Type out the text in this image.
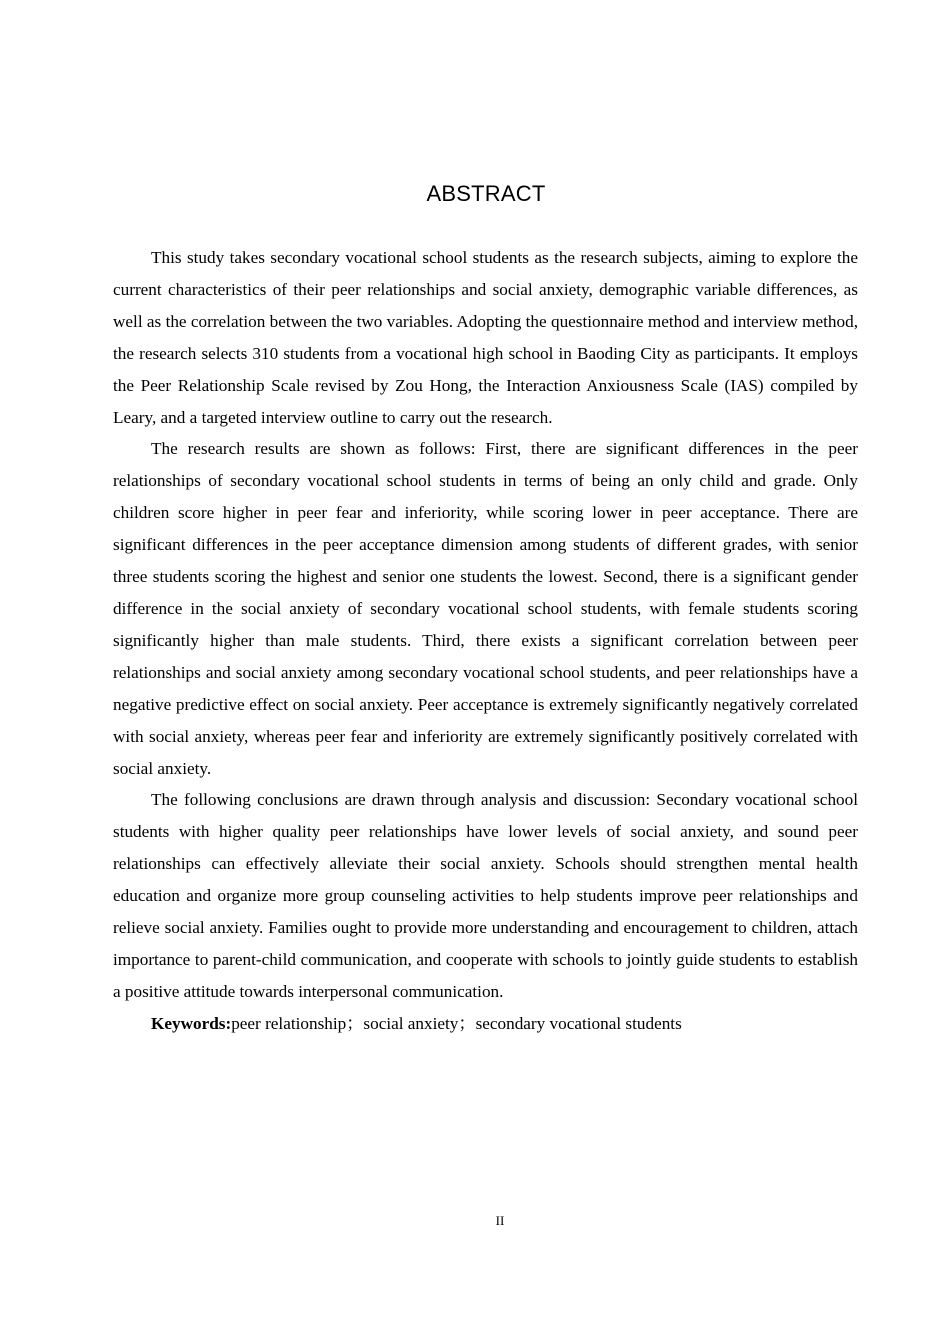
ABSTRACT

This study takes secondary vocational school students as the research subjects, aiming to explore the current characteristics of their peer relationships and social anxiety, demographic variable differences, as well as the correlation between the two variables. Adopting the questionnaire method and interview method, the research selects 310 students from a vocational high school in Baoding City as participants. It employs the Peer Relationship Scale revised by Zou Hong, the Interaction Anxiousness Scale (IAS) compiled by Leary, and a targeted interview outline to carry out the research.

The research results are shown as follows: First, there are significant differences in the peer relationships of secondary vocational school students in terms of being an only child and grade. Only children score higher in peer fear and inferiority, while scoring lower in peer acceptance. There are significant differences in the peer acceptance dimension among students of different grades, with senior three students scoring the highest and senior one students the lowest. Second, there is a significant gender difference in the social anxiety of secondary vocational school students, with female students scoring significantly higher than male students. Third, there exists a significant correlation between peer relationships and social anxiety among secondary vocational school students, and peer relationships have a negative predictive effect on social anxiety. Peer acceptance is extremely significantly negatively correlated with social anxiety, whereas peer fear and inferiority are extremely significantly positively correlated with social anxiety.

The following conclusions are drawn through analysis and discussion: Secondary vocational school students with higher quality peer relationships have lower levels of social anxiety, and sound peer relationships can effectively alleviate their social anxiety. Schools should strengthen mental health education and organize more group counseling activities to help students improve peer relationships and relieve social anxiety. Families ought to provide more understanding and encouragement to children, attach importance to parent-child communication, and cooperate with schools to jointly guide students to establish a positive attitude towards interpersonal communication.

Keywords:peer relationship；social anxiety；secondary vocational students

II
